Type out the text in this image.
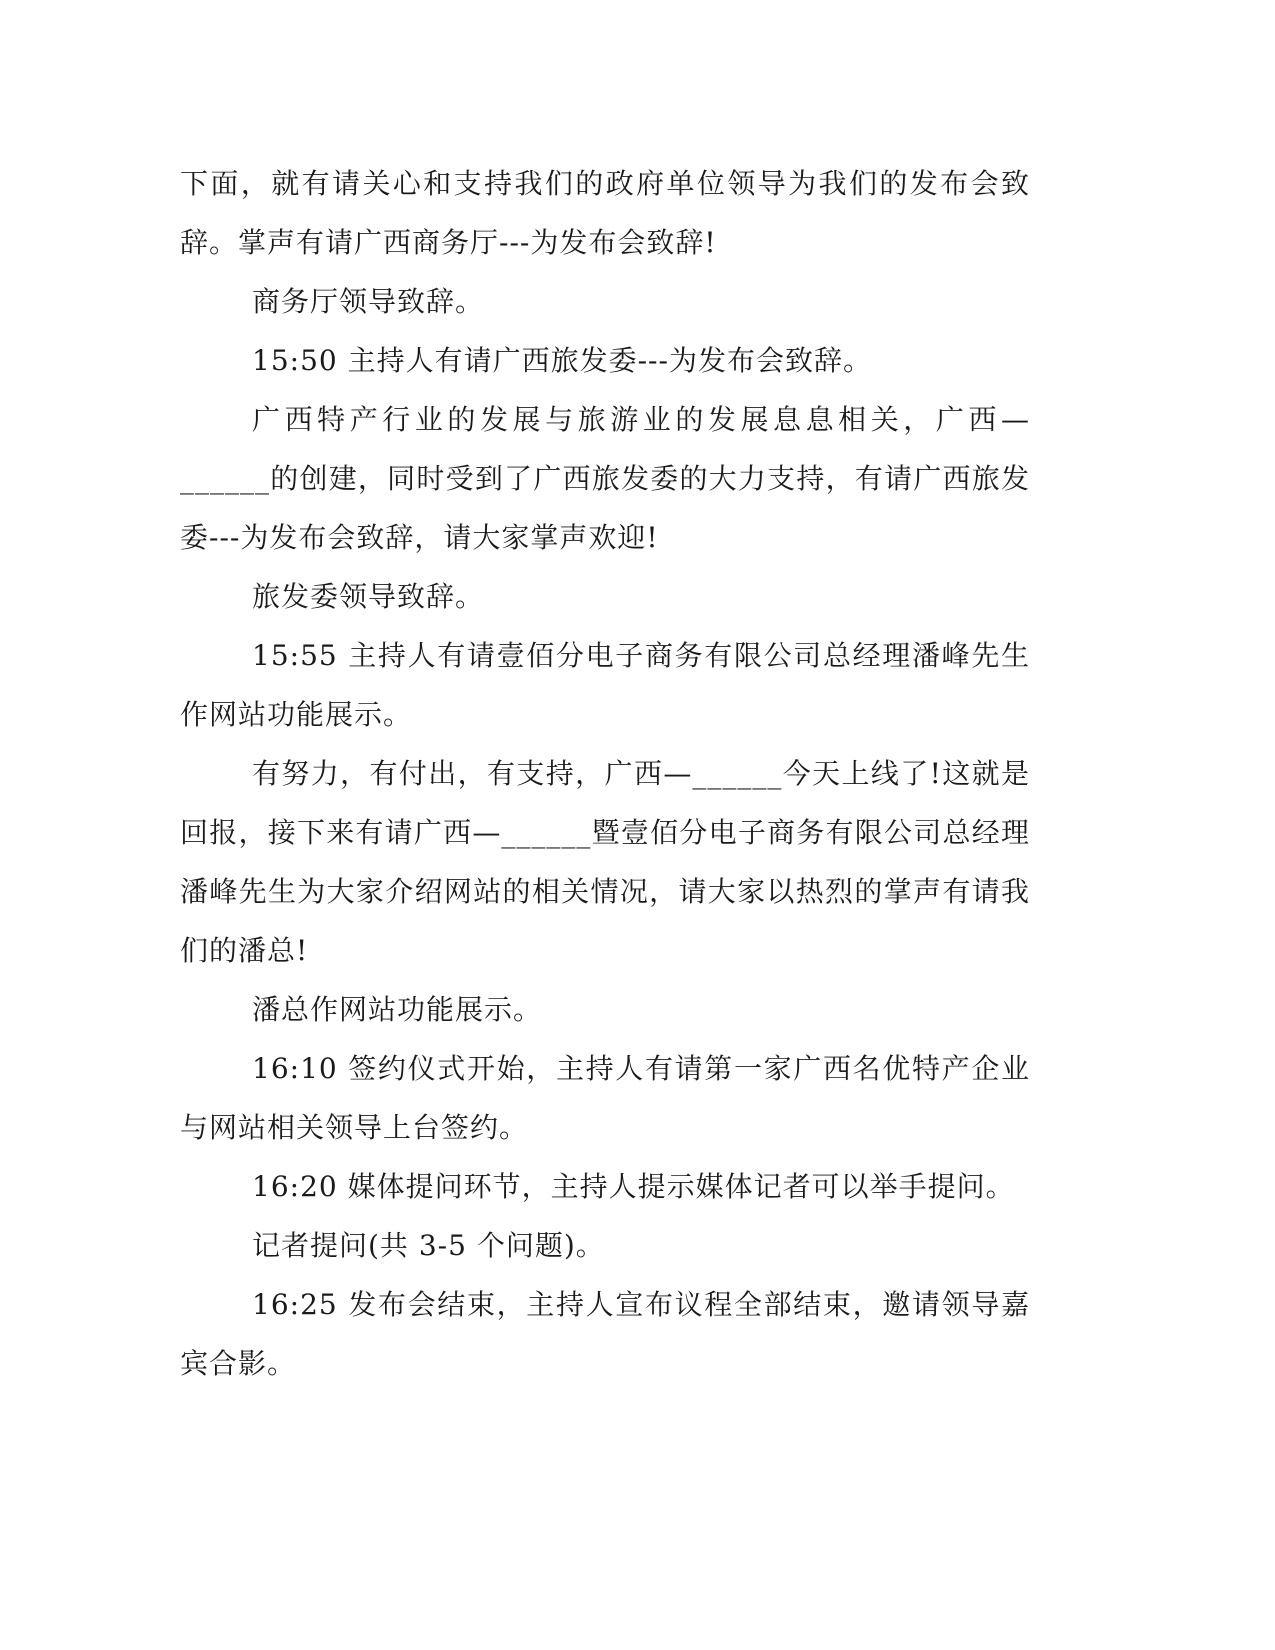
下面，就有请关心和支持我们的政府单位领导为我们的发布会致辞。掌声有请广西商务厅---为发布会致辞!

商务厅领导致辞。

15:50 主持人有请广西旅发委---为发布会致辞。

广西特产行业的发展与旅游业的发展息息相关，广西—______的创建，同时受到了广西旅发委的大力支持，有请广西旅发委---为发布会致辞，请大家掌声欢迎!

旅发委领导致辞。

15:55 主持人有请壹佰分电子商务有限公司总经理潘峰先生作网站功能展示。

有努力，有付出，有支持，广西—______今天上线了!这就是回报，接下来有请广西—______暨壹佰分电子商务有限公司总经理潘峰先生为大家介绍网站的相关情况，请大家以热烈的掌声有请我们的潘总!

潘总作网站功能展示。

16:10 签约仪式开始，主持人有请第一家广西名优特产企业与网站相关领导上台签约。

16:20 媒体提问环节，主持人提示媒体记者可以举手提问。

记者提问(共 3-5 个问题)。

16:25 发布会结束，主持人宣布议程全部结束，邀请领导嘉宾合影。
